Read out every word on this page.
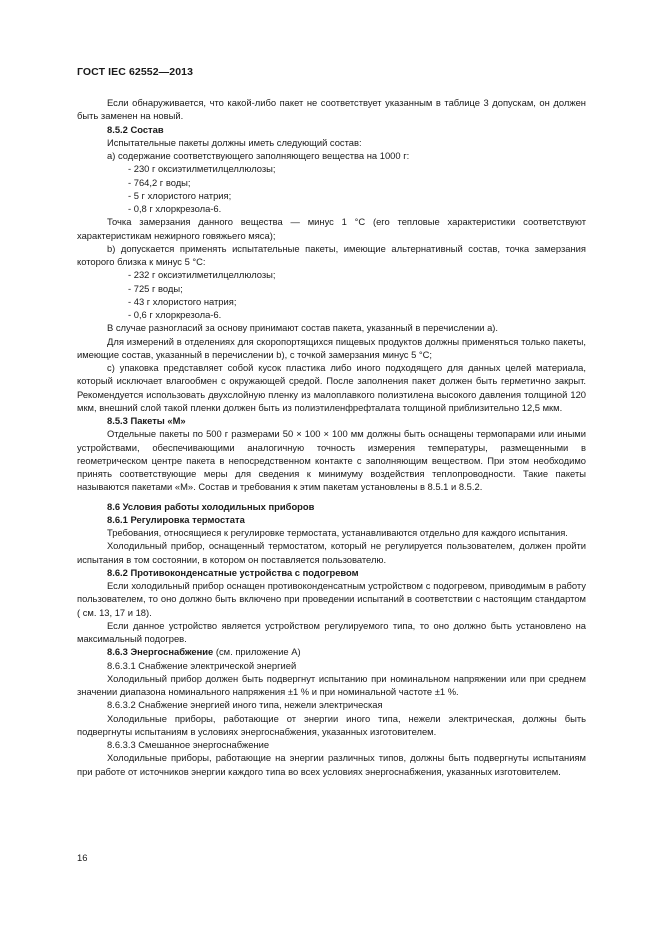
ГОСТ IEC 62552—2013

Если обнаруживается, что какой-либо пакет не соответствует указанным в таблице 3 допускам, он должен быть заменен на новый.

8.5.2 Состав

Испытательные пакеты должны иметь следующий состав:

а) содержание соответствующего заполняющего вещества на 1000 г:

- 230 г оксиэтилметилцеллюлозы;

- 764,2 г воды;

- 5 г хлористого натрия;

- 0,8 г хлоркрезола-6.

Точка замерзания данного вещества — минус 1 °С (его тепловые характеристики соответствуют характеристикам нежирного говяжьего мяса);

b) допускается применять испытательные пакеты, имеющие альтернативный состав, точка замерзания которого близка к минус 5 °С:

- 232 г оксиэтилметилцеллюлозы;

- 725 г воды;

- 43 г хлористого натрия;

- 0,6 г хлоркрезола-6.

В случае разногласий за основу принимают состав пакета, указанный в перечислении а).

Для измерений в отделениях для скоропортящихся пищевых продуктов должны применяться только пакеты, имеющие состав, указанный в перечислении b), с точкой замерзания минус 5 °С;

с) упаковка представляет собой кусок пластика либо иного подходящего для данных целей материала, который исключает влагообмен с окружающей средой. После заполнения пакет должен быть герметично закрыт. Рекомендуется использовать двухслойную пленку из малоплавкого полиэтилена высокого давления толщиной 120 мкм, внешний слой такой пленки должен быть из полиэтиленфрефталата толщиной приблизительно 12,5 мкм.

8.5.3 Пакеты «М»

Отдельные пакеты по 500 г размерами 50 × 100 × 100 мм должны быть оснащены термопарами или иными устройствами, обеспечивающими аналогичную точность измерения температуры, размещенными в геометрическом центре пакета в непосредственном контакте с заполняющим веществом. При этом необходимо принять соответствующие меры для сведения к минимуму воздействия теплопроводности. Такие пакеты называются пакетами «М». Состав и требования к этим пакетам установлены в 8.5.1 и 8.5.2.

8.6 Условия работы холодильных приборов

8.6.1 Регулировка термостата

Требования, относящиеся к регулировке термостата, устанавливаются отдельно для каждого испытания.

Холодильный прибор, оснащенный термостатом, который не регулируется пользователем, должен пройти испытания в том состоянии, в котором он поставляется пользователю.

8.6.2 Противоконденсатные устройства с подогревом

Если холодильный прибор оснащен противоконденсатным устройством с подогревом, приводимым в работу пользователем, то оно должно быть включено при проведении испытаний в соответствии с настоящим стандартом ( см. 13, 17 и 18).

Если данное устройство является устройством регулируемого типа, то оно должно быть установлено на максимальный подогрев.

8.6.3 Энергоснабжение (см. приложение А)

8.6.3.1 Снабжение электрической энергией

Холодильный прибор должен быть подвергнут испытанию при номинальном напряжении или при среднем значении диапазона номинального напряжения ±1 % и при номинальной частоте ±1 %.

8.6.3.2 Снабжение энергией иного типа, нежели электрическая

Холодильные приборы, работающие от энергии иного типа, нежели электрическая, должны быть подвергнуты испытаниям в условиях энергоснабжения, указанных изготовителем.

8.6.3.3 Смешанное энергоснабжение

Холодильные приборы, работающие на энергии различных типов, должны быть подвергнуты испытаниям при работе от источников энергии каждого типа во всех условиях энергоснабжения, указанных изготовителем.

16
